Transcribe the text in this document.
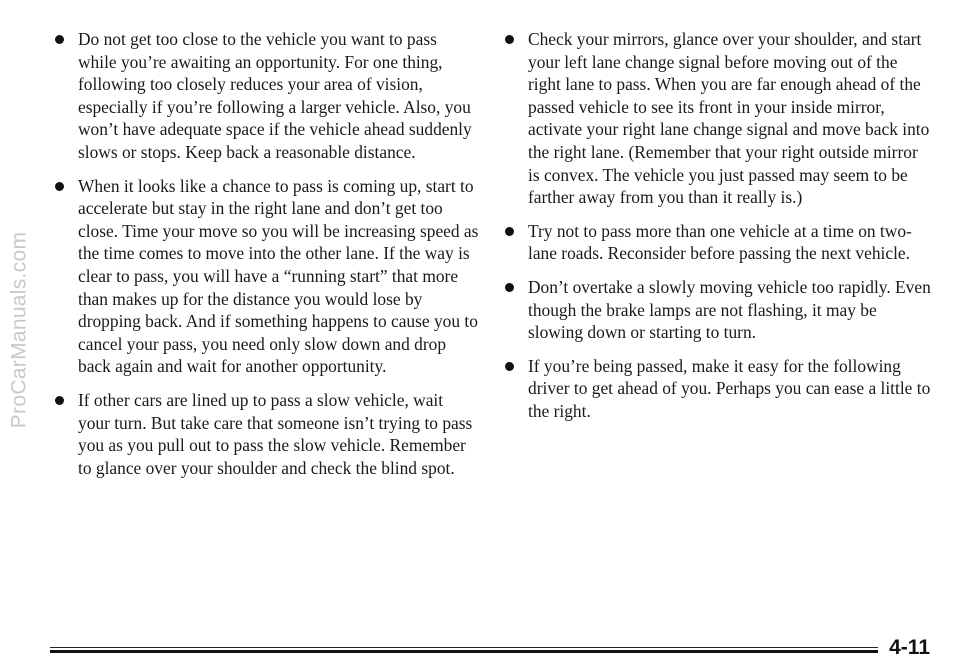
ProCarManuals.com
Do not get too close to the vehicle you want to pass while you’re awaiting an opportunity. For one thing, following too closely reduces your area of vision, especially if you’re following a larger vehicle. Also, you won’t have adequate space if the vehicle ahead suddenly slows or stops. Keep back a reasonable distance.
When it looks like a chance to pass is coming up, start to accelerate but stay in the right lane and don’t get too close. Time your move so you will be increasing speed as the time comes to move into the other lane. If the way is clear to pass, you will have a “running start” that more than makes up for the distance you would lose by dropping back. And if something happens to cause you to cancel your pass, you need only slow down and drop back again and wait for another opportunity.
If other cars are lined up to pass a slow vehicle, wait your turn. But take care that someone isn’t trying to pass you as you pull out to pass the slow vehicle. Remember to glance over your shoulder and check the blind spot.
Check your mirrors, glance over your shoulder, and start your left lane change signal before moving out of the right lane to pass. When you are far enough ahead of the passed vehicle to see its front in your inside mirror, activate your right lane change signal and move back into the right lane. (Remember that your right outside mirror is convex. The vehicle you just passed may seem to be farther away from you than it really is.)
Try not to pass more than one vehicle at a time on two-lane roads. Reconsider before passing the next vehicle.
Don’t overtake a slowly moving vehicle too rapidly. Even though the brake lamps are not flashing, it may be slowing down or starting to turn.
If you’re being passed, make it easy for the following driver to get ahead of you. Perhaps you can ease a little to the right.
4-11
